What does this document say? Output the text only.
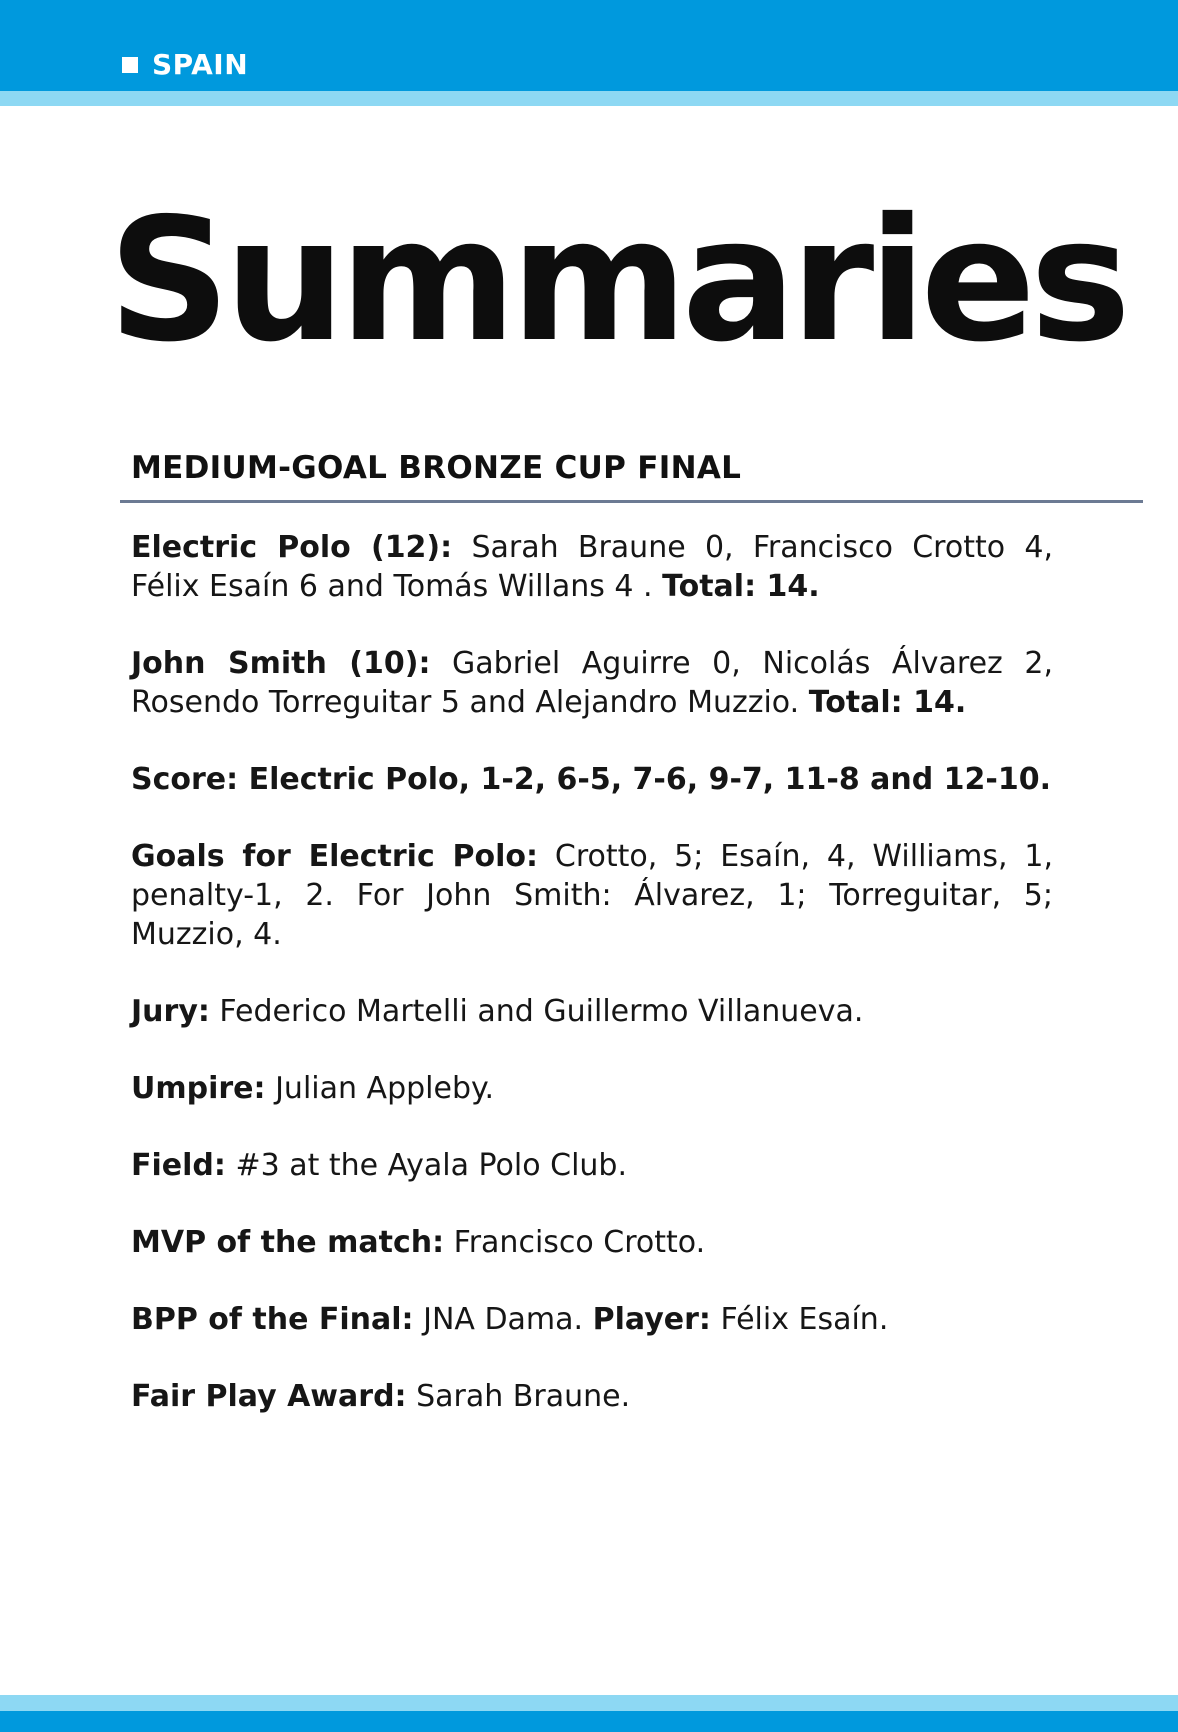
SPAIN
Summaries
MEDIUM-GOAL BRONZE CUP FINAL

Electric Polo (12): Sarah Braune 0, Francisco Crotto 4, Félix Esaín 6 and Tomás Willans 4 . Total: 14.

John Smith (10): Gabriel Aguirre 0, Nicolás Álvarez 2, Rosendo Torreguitar 5 and Alejandro Muzzio. Total: 14.

Score: Electric Polo, 1-2, 6-5, 7-6, 9-7, 11-8 and 12-10.

Goals for Electric Polo: Crotto, 5; Esaín, 4, Williams, 1, penalty-1, 2. For John Smith: Álvarez, 1; Torreguitar, 5; Muzzio, 4.

Jury: Federico Martelli and Guillermo Villanueva.

Umpire: Julian Appleby.

Field: #3 at the Ayala Polo Club.

MVP of the match: Francisco Crotto.

BPP of the Final: JNA Dama. Player: Félix Esaín.

Fair Play Award: Sarah Braune.
